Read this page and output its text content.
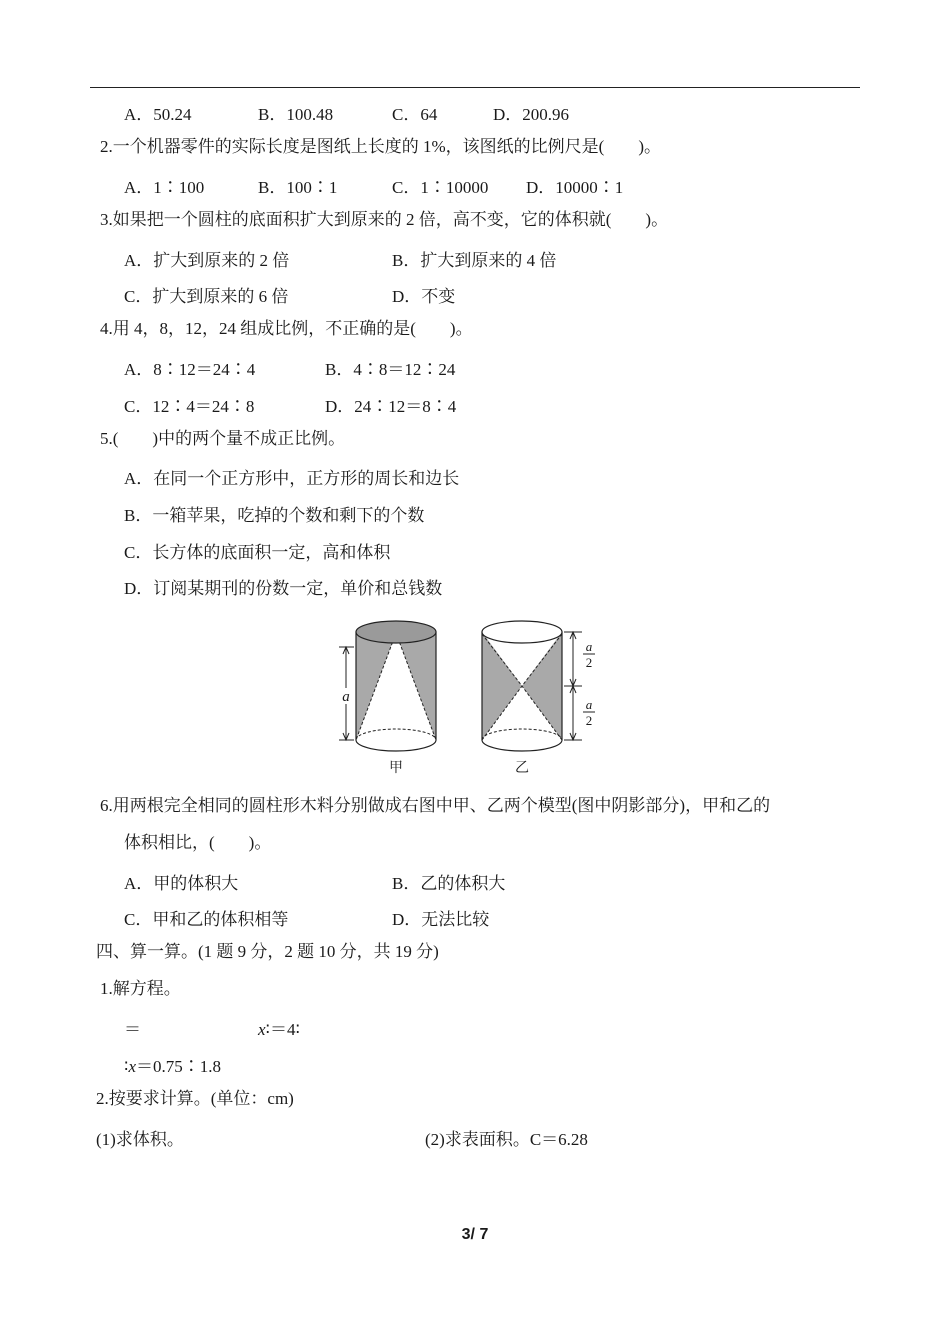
A．50.24	B．100.48	C．64	D．200.96
2.一个机器零件的实际长度是图纸上长度的 1%，该图纸的比例尺是(　　)。
A．1∶100	B．100∶1	C．1∶10000 D．10000∶1
3.如果把一个圆柱的底面积扩大到原来的 2 倍，高不变，它的体积就(　　)。
A．扩大到原来的 2 倍	B．扩大到原来的 4 倍
C．扩大到原来的 6 倍	D．不变
4.用 4，8，12，24 组成比例，不正确的是(　　)。
A．8∶12＝24∶4	B．4∶8＝12∶24
C．12∶4＝24∶8	D．24∶12＝8∶4
5.(　　)中的两个量不成正比例。
A．在同一个正方形中，正方形的周长和边长
B．一箱苹果，吃掉的个数和剩下的个数
C．长方体的底面积一定，高和体积
D．订阅某期刊的份数一定，单价和总钱数
a
甲
a
2
a
2
乙
6.用两根完全相同的圆柱形木料分别做成右图中甲、乙两个模型(图中阴影部分)，甲和乙的
体积相比，(　　)。
A．甲的体积大	B．乙的体积大
C．甲和乙的体积相等	D．无法比较
四、算一算。(1 题 9 分，2 题 10 分，共 19 分)
1.解方程。
＝	x∶＝4∶
∶x＝0.75∶1.8
2.按要求计算。(单位：cm)
(1)求体积。	(2)求表面积。C＝6.28
3/ 7
